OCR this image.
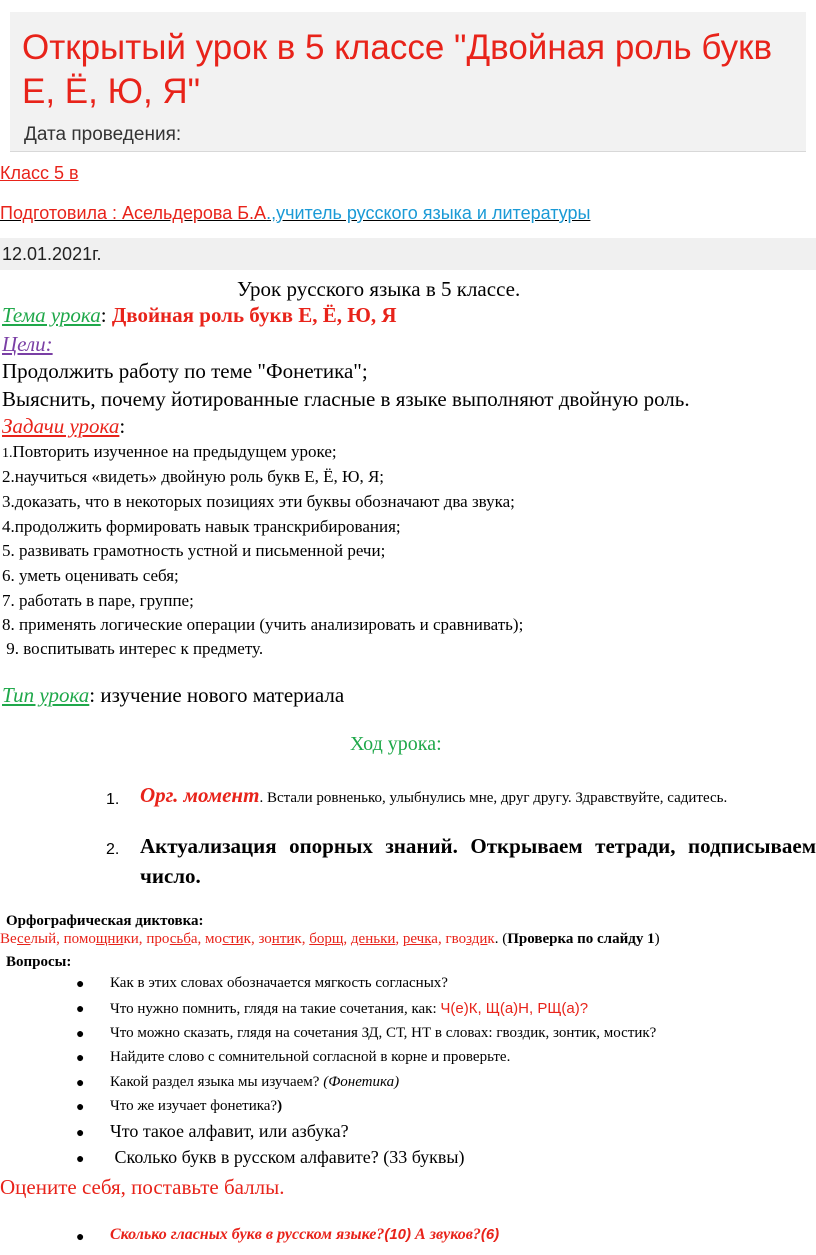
Открытый урок в 5 классе "Двойная роль букв Е, Ё, Ю, Я"
Дата проведения:
Класс 5 в
Подготовила : Асельдерова Б.А.,учитель русского языка и литературы
12.01.2021г.
Урок русского языка в 5 классе.
Тема урока: Двойная роль букв Е, Ё, Ю, Я
Цели:
Продолжить работу по теме "Фонетика";
Выяснить, почему йотированные гласные в языке выполняют двойную роль.
Задачи урока:
1.Повторить изученное на предыдущем уроке;
2.научиться «видеть» двойную роль букв Е, Ё, Ю, Я;
3.доказать, что в некоторых позициях эти буквы обозначают два звука;
4.продолжить формировать навык транскрибирования;
5. развивать грамотность устной и письменной речи;
6. уметь оценивать себя;
7. работать в паре, группе;
8. применять логические операции (учить анализировать и сравнивать);
9. воспитывать интерес к предмету.
Тип урока: изучение нового материала
Ход урока:
1. Орг. момент. Встали ровненько, улыбнулись мне, друг другу. Здравствуйте, садитесь.
2. Актуализация опорных знаний. Открываем тетради, подписываем число.
Орфографическая диктовка:
Веселый, помощники, просьба, мостик, зонтик, борщ, деньки, речка, гвоздик. (Проверка по слайду 1)
Вопросы:
● Как в этих словах обозначается мягкость согласных?
● Что нужно помнить, глядя на такие сочетания, как: Ч(е)К, Щ(а)Н, РЩ(а)?
● Что можно сказать, глядя на сочетания ЗД, СТ, НТ в словах: гвоздик, зонтик, мостик?
● Найдите слово с сомнительной согласной в корне и проверьте.
● Какой раздел языка мы изучаем? (Фонетика)
● Что же изучает фонетика?)
● Что такое алфавит, или азбука?
● Сколько букв в русском алфавите? (33 буквы)
Оцените себя, поставьте баллы.
● Сколько гласных букв в русском языке?(10) А звуков?(6)
